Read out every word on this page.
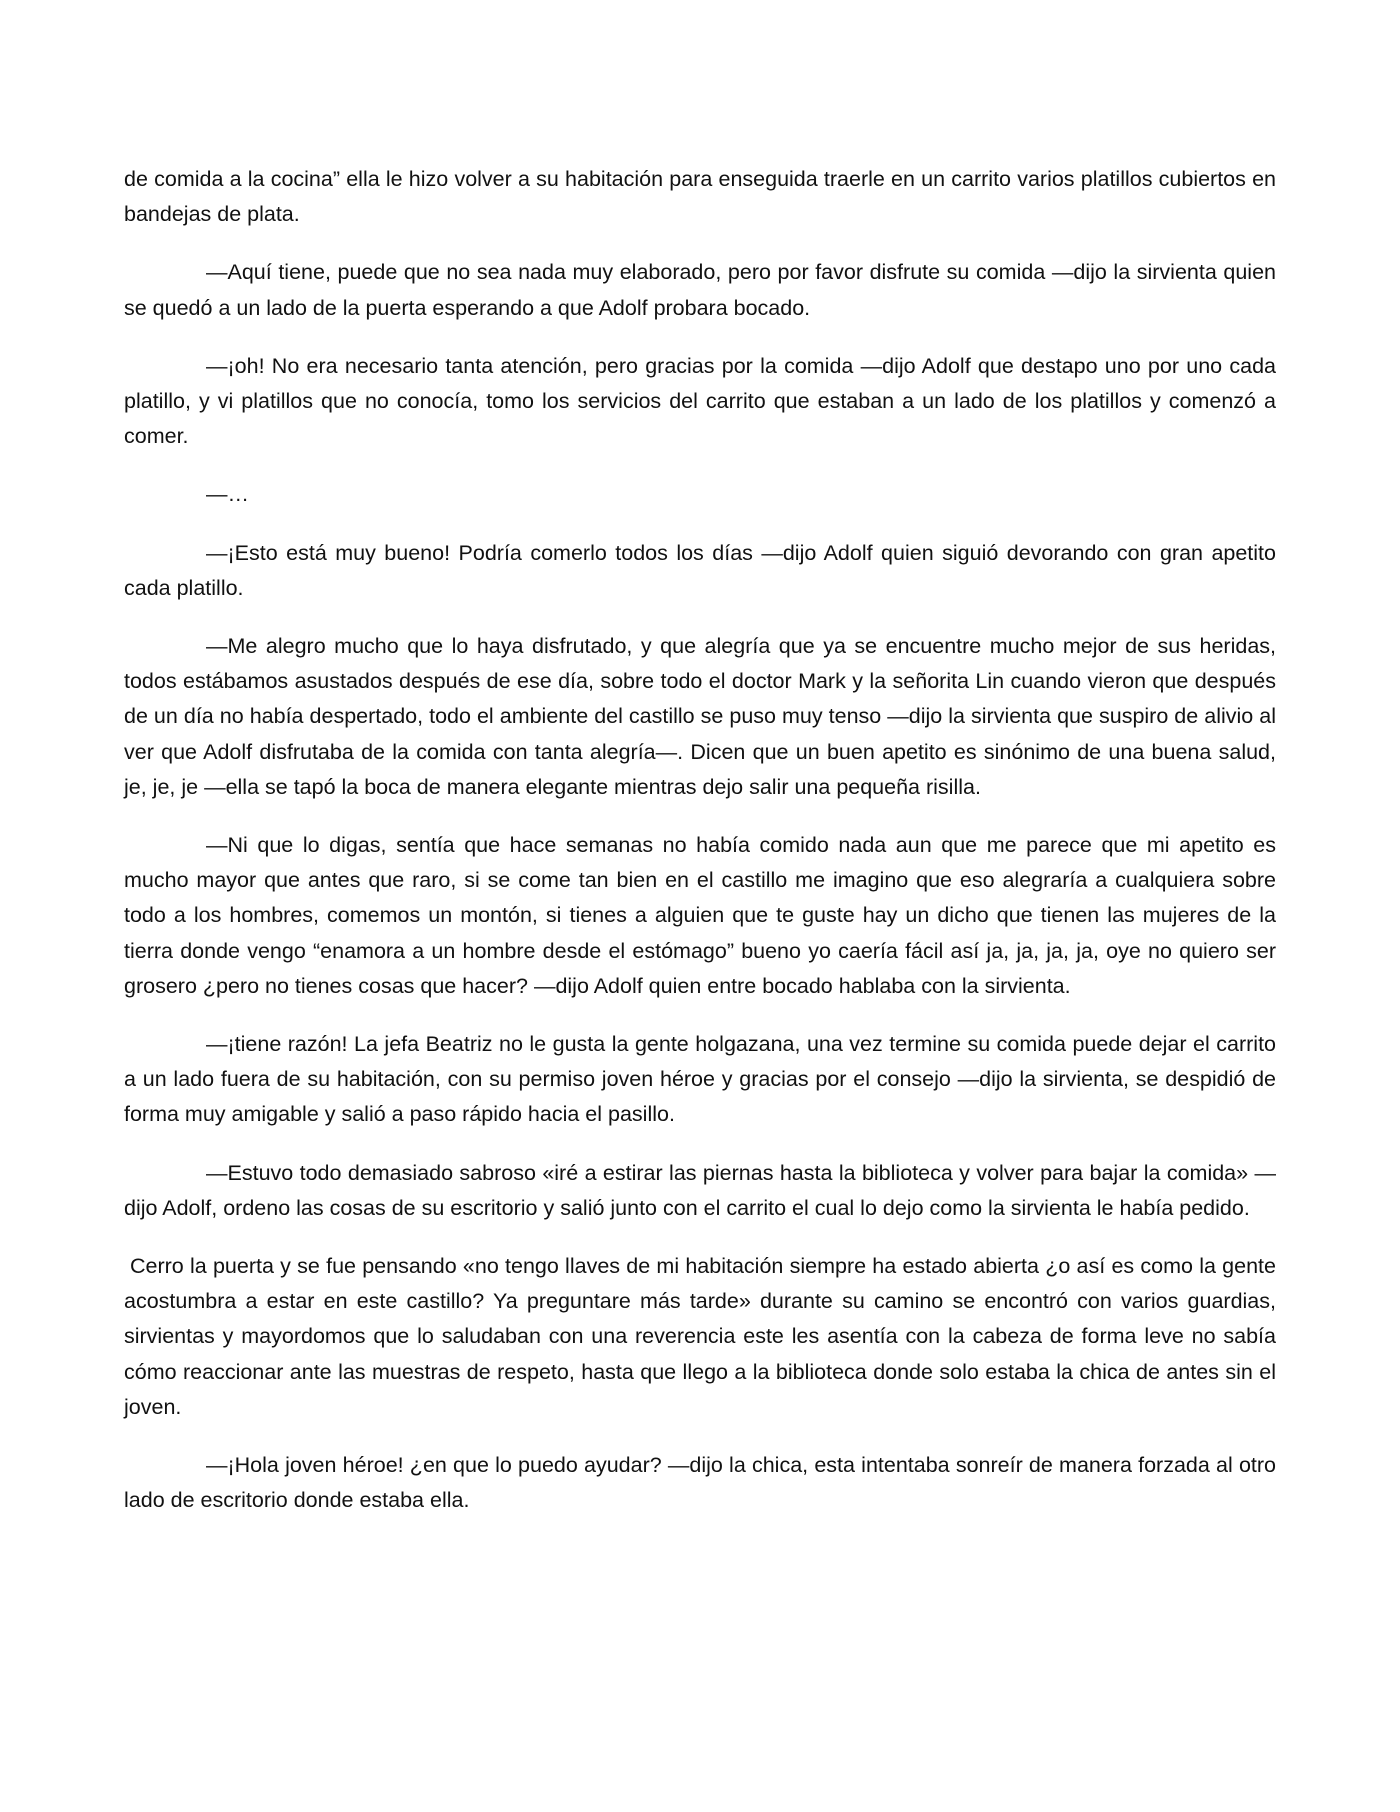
de comida a la cocina” ella le hizo volver a su habitación para enseguida traerle en un carrito varios platillos cubiertos en bandejas de plata.

—Aquí tiene, puede que no sea nada muy elaborado, pero por favor disfrute su comida —dijo la sirvienta quien se quedó a un lado de la puerta esperando a que Adolf probara bocado.

—¡oh! No era necesario tanta atención, pero gracias por la comida —dijo Adolf que destapo uno por uno cada platillo, y vi platillos que no conocía, tomo los servicios del carrito que estaban a un lado de los platillos y comenzó a comer.

—…

—¡Esto está muy bueno! Podría comerlo todos los días —dijo Adolf quien siguió devorando con gran apetito cada platillo.

—Me alegro mucho que lo haya disfrutado, y que alegría que ya se encuentre mucho mejor de sus heridas, todos estábamos asustados después de ese día, sobre todo el doctor Mark y la señorita Lin cuando vieron que después de un día no había despertado, todo el ambiente del castillo se puso muy tenso —dijo la sirvienta que suspiro de alivio al ver que Adolf disfrutaba de la comida con tanta alegría—. Dicen que un buen apetito es sinónimo de una buena salud, je, je, je —ella se tapó la boca de manera elegante mientras dejo salir una pequeña risilla.

—Ni que lo digas, sentía que hace semanas no había comido nada aun que me parece que mi apetito es mucho mayor que antes que raro, si se come tan bien en el castillo me imagino que eso alegraría a cualquiera sobre todo a los hombres, comemos un montón, si tienes a alguien que te guste hay un dicho que tienen las mujeres de la tierra donde vengo “enamora a un hombre desde el estómago” bueno yo caería fácil así ja, ja, ja, ja, oye no quiero ser grosero ¿pero no tienes cosas que hacer? —dijo Adolf quien entre bocado hablaba con la sirvienta.

—¡tiene razón! La jefa Beatriz no le gusta la gente holgazana, una vez termine su comida puede dejar el carrito a un lado fuera de su habitación, con su permiso joven héroe y gracias por el consejo —dijo la sirvienta, se despidió de forma muy amigable y salió a paso rápido hacia el pasillo.

—Estuvo todo demasiado sabroso «iré a estirar las piernas hasta la biblioteca y volver para bajar la comida» —dijo Adolf, ordeno las cosas de su escritorio y salió junto con el carrito el cual lo dejo como la sirvienta le había pedido.

Cerro la puerta y se fue pensando «no tengo llaves de mi habitación siempre ha estado abierta ¿o así es como la gente acostumbra a estar en este castillo? Ya preguntare más tarde» durante su camino se encontró con varios guardias, sirvientas y mayordomos que lo saludaban con una reverencia este les asentía con la cabeza de forma leve no sabía cómo reaccionar ante las muestras de respeto, hasta que llego a la biblioteca donde solo estaba la chica de antes sin el joven.

—¡Hola joven héroe! ¿en que lo puedo ayudar? —dijo la chica, esta intentaba sonreír de manera forzada al otro lado de escritorio donde estaba ella.
